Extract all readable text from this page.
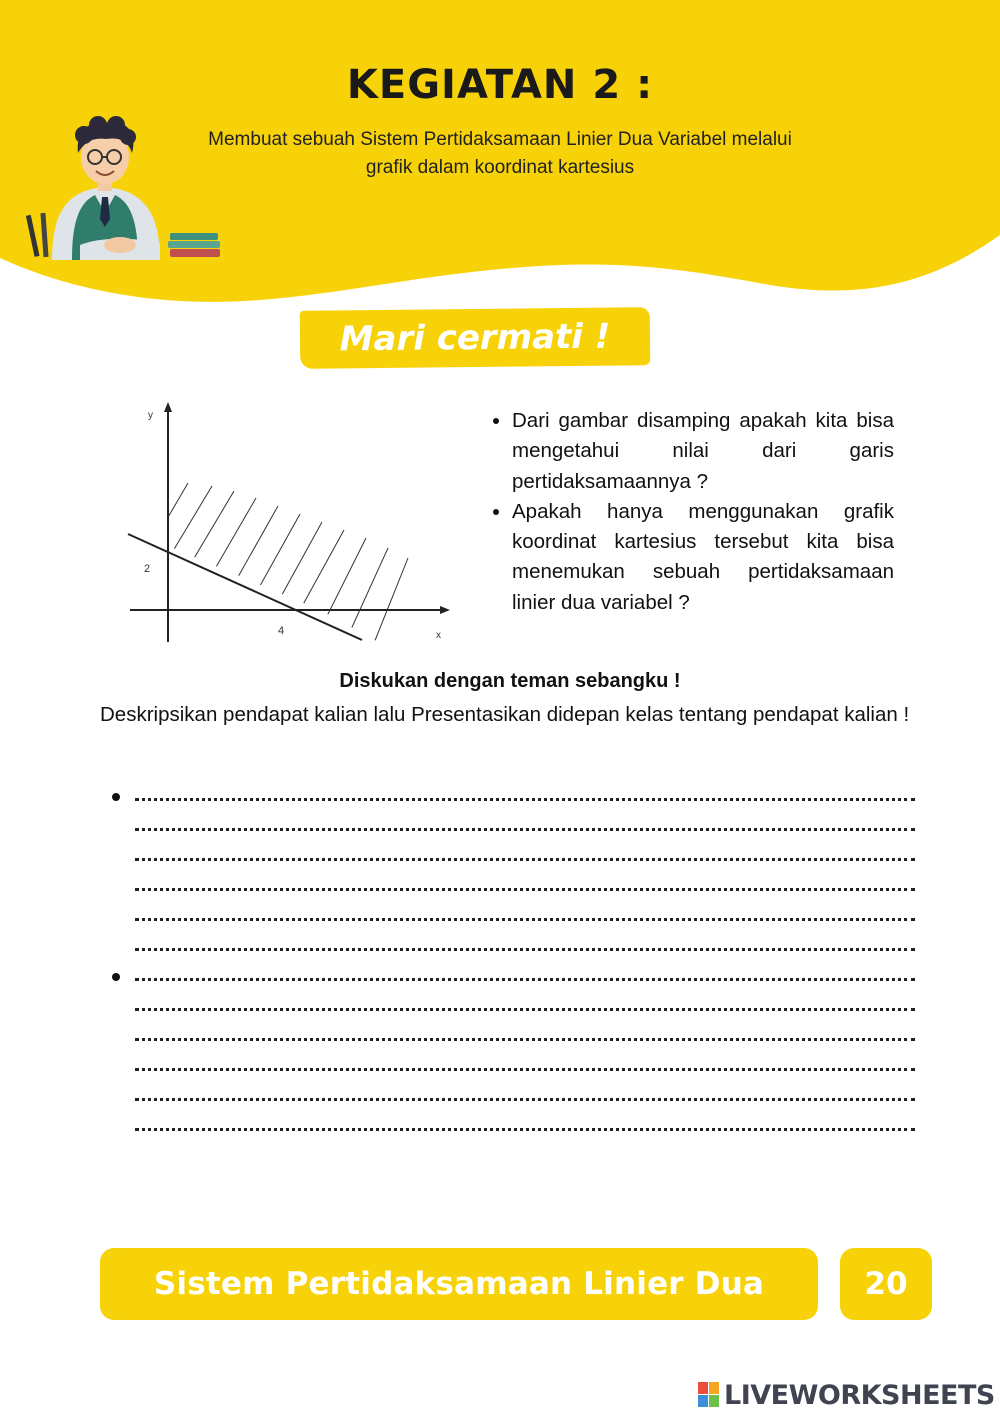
KEGIATAN 2 :
Membuat sebuah Sistem Pertidaksamaan Linier Dua Variabel melalui
grafik dalam koordinat kartesius
Mari cermati !
y
x
2
4
• Dari gambar disamping apakah kita bisa mengetahui nilai dari garis pertidaksamaannya ?
• Apakah hanya menggunakan grafik koordinat kartesius tersebut kita bisa menemukan sebuah pertidaksamaan linier dua variabel ?
Diskukan dengan teman sebangku !
Deskripsikan pendapat kalian lalu Presentasikan didepan kelas tentang pendapat kalian !
Sistem Pertidaksamaan Linier Dua Variabel
20
LIVEWORKSHEETS
